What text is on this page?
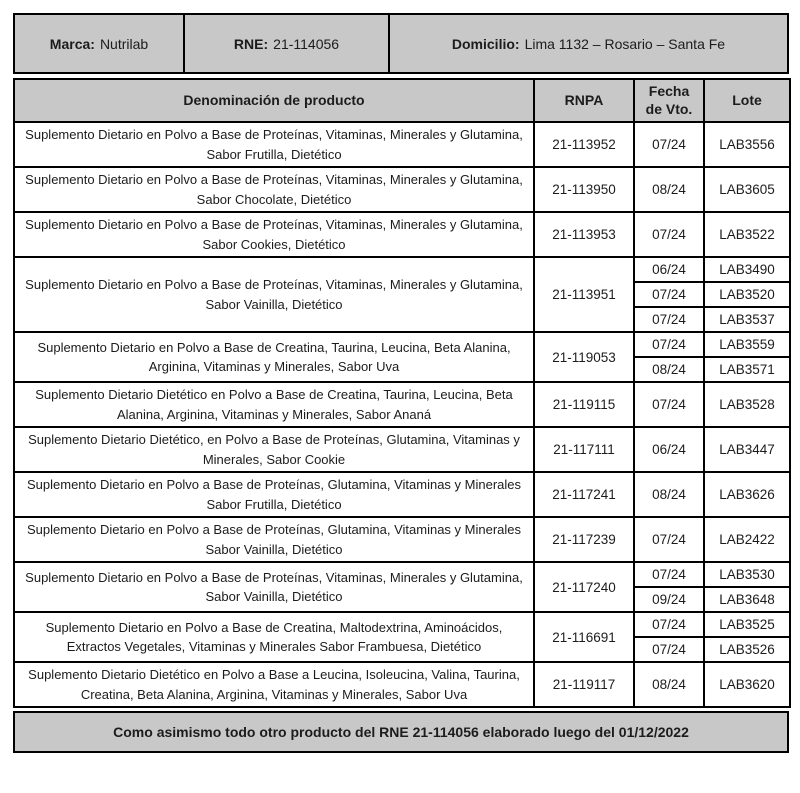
Marca: Nutrilab	RNE: 21-114056	Domicilio: Lima 1132 – Rosario – Santa Fe
Denominación de producto	RNPA	Fecha de Vto.	Lote
Suplemento Dietario en Polvo a Base de Proteínas, Vitaminas, Minerales y Glutamina, Sabor Frutilla, Dietético	21-113952	07/24	LAB3556
Suplemento Dietario en Polvo a Base de Proteínas, Vitaminas, Minerales y Glutamina, Sabor Chocolate, Dietético	21-113950	08/24	LAB3605
Suplemento Dietario en Polvo a Base de Proteínas, Vitaminas, Minerales y Glutamina, Sabor Cookies, Dietético	21-113953	07/24	LAB3522
Suplemento Dietario en Polvo a Base de Proteínas, Vitaminas, Minerales y Glutamina, Sabor Vainilla, Dietético	21-113951	06/24	LAB3490
		07/24	LAB3520
		07/24	LAB3537
Suplemento Dietario en Polvo a Base de Creatina, Taurina, Leucina, Beta Alanina, Arginina, Vitaminas y Minerales, Sabor Uva	21-119053	07/24	LAB3559
		08/24	LAB3571
Suplemento Dietario Dietético en Polvo a Base de Creatina, Taurina, Leucina, Beta Alanina, Arginina, Vitaminas y Minerales, Sabor Ananá	21-119115	07/24	LAB3528
Suplemento Dietario Dietético, en Polvo a Base de Proteínas, Glutamina, Vitaminas y Minerales, Sabor Cookie	21-117111	06/24	LAB3447
Suplemento Dietario en Polvo a Base de Proteínas, Glutamina, Vitaminas y Minerales Sabor Frutilla, Dietético	21-117241	08/24	LAB3626
Suplemento Dietario en Polvo a Base de Proteínas, Glutamina, Vitaminas y Minerales Sabor Vainilla, Dietético	21-117239	07/24	LAB2422
Suplemento Dietario en Polvo a Base de Proteínas, Vitaminas, Minerales y Glutamina, Sabor Vainilla, Dietético	21-117240	07/24	LAB3530
		09/24	LAB3648
Suplemento Dietario en Polvo a Base de Creatina, Maltodextrina, Aminoácidos, Extractos Vegetales, Vitaminas y Minerales Sabor Frambuesa, Dietético	21-116691	07/24	LAB3525
		07/24	LAB3526
Suplemento Dietario Dietético en Polvo a Base a Leucina, Isoleucina, Valina, Taurina, Creatina, Beta Alanina, Arginina, Vitaminas y Minerales, Sabor Uva	21-119117	08/24	LAB3620
Como asimismo todo otro producto del RNE 21-114056 elaborado luego del 01/12/2022
